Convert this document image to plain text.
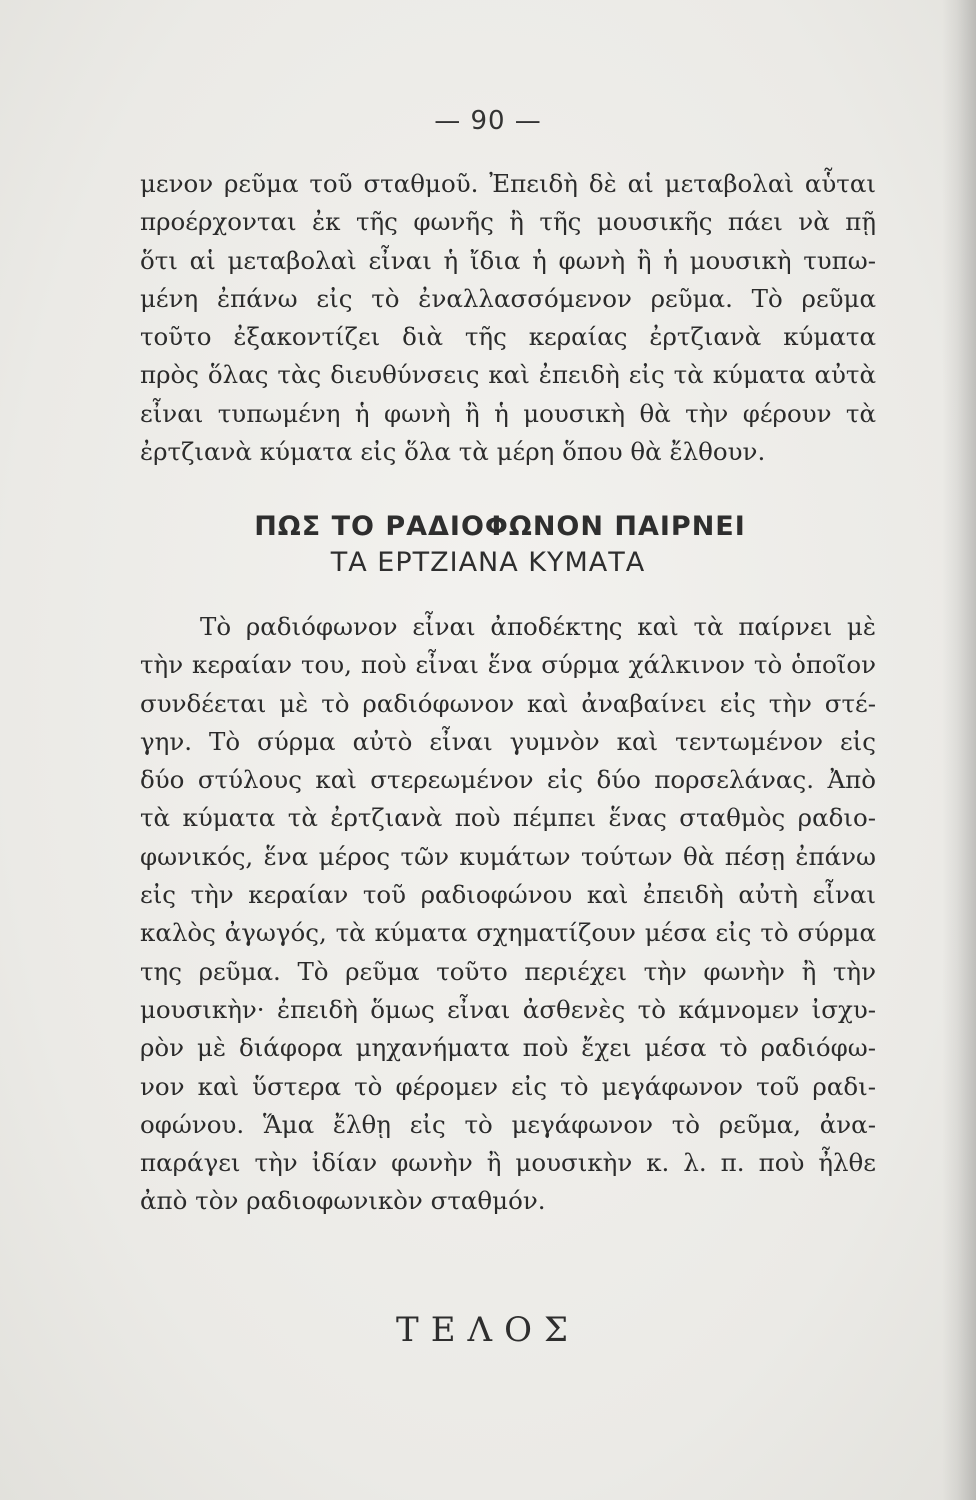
— 90 —
μενον ρεῦμα τοῦ σταθμοῦ. Ἐπειδὴ δὲ αἱ μεταβολαὶ αὗται
προέρχονται ἐκ τῆς φωνῆς ἢ τῆς μουσικῆς πάει νὰ πῇ
ὅτι αἱ μεταβολαὶ εἶναι ἡ ἴδια ἡ φωνὴ ἢ ἡ μουσικὴ τυπω-
μένη ἐπάνω εἰς τὸ ἐναλλασσόμενον ρεῦμα. Τὸ ρεῦμα
τοῦτο ἐξακοντίζει διὰ τῆς κεραίας ἐρτζιανὰ κύματα
πρὸς ὅλας τὰς διευθύνσεις καὶ ἐπειδὴ εἰς τὰ κύματα αὐτὰ
εἶναι τυπωμένη ἡ φωνὴ ἢ ἡ μουσικὴ θὰ τὴν φέρουν τὰ
ἐρτζιανὰ κύματα εἰς ὅλα τὰ μέρη ὅπου θὰ ἔλθουν.
ΠΩΣ ΤΟ ΡΑΔΙΟΦΩΝΟΝ ΠΑΙΡΝΕΙ
ΤΑ ΕΡΤΖΙΑΝΑ ΚΥΜΑΤΑ
Τὸ ραδιόφωνον εἶναι ἀποδέκτης καὶ τὰ παίρνει μὲ
τὴν κεραίαν του, ποὺ εἶναι ἕνα σύρμα χάλκινον τὸ ὁποῖον
συνδέεται μὲ τὸ ραδιόφωνον καὶ ἀναβαίνει εἰς τὴν στέ-
γην. Τὸ σύρμα αὐτὸ εἶναι γυμνὸν καὶ τεντωμένον εἰς
δύο στύλους καὶ στερεωμένον εἰς δύο πορσελάνας. Ἀπὸ
τὰ κύματα τὰ ἐρτζιανὰ ποὺ πέμπει ἕνας σταθμὸς ραδιο-
φωνικός, ἕνα μέρος τῶν κυμάτων τούτων θὰ πέσῃ ἐπάνω
εἰς τὴν κεραίαν τοῦ ραδιοφώνου καὶ ἐπειδὴ αὐτὴ εἶναι
καλὸς ἀγωγός, τὰ κύματα σχηματίζουν μέσα εἰς τὸ σύρμα
της ρεῦμα. Τὸ ρεῦμα τοῦτο περιέχει τὴν φωνὴν ἢ τὴν
μουσικὴν· ἐπειδὴ ὅμως εἶναι ἀσθενὲς τὸ κάμνομεν ἰσχυ-
ρὸν μὲ διάφορα μηχανήματα ποὺ ἔχει μέσα τὸ ραδιόφω-
νον καὶ ὕστερα τὸ φέρομεν εἰς τὸ μεγάφωνον τοῦ ραδι-
οφώνου. Ἅμα ἔλθῃ εἰς τὸ μεγάφωνον τὸ ρεῦμα, ἀνα-
παράγει τὴν ἰδίαν φωνὴν ἢ μουσικὴν κ. λ. π. ποὺ ἦλθε
ἀπὸ τὸν ραδιοφωνικὸν σταθμόν.
ΤΕΛΟΣ
